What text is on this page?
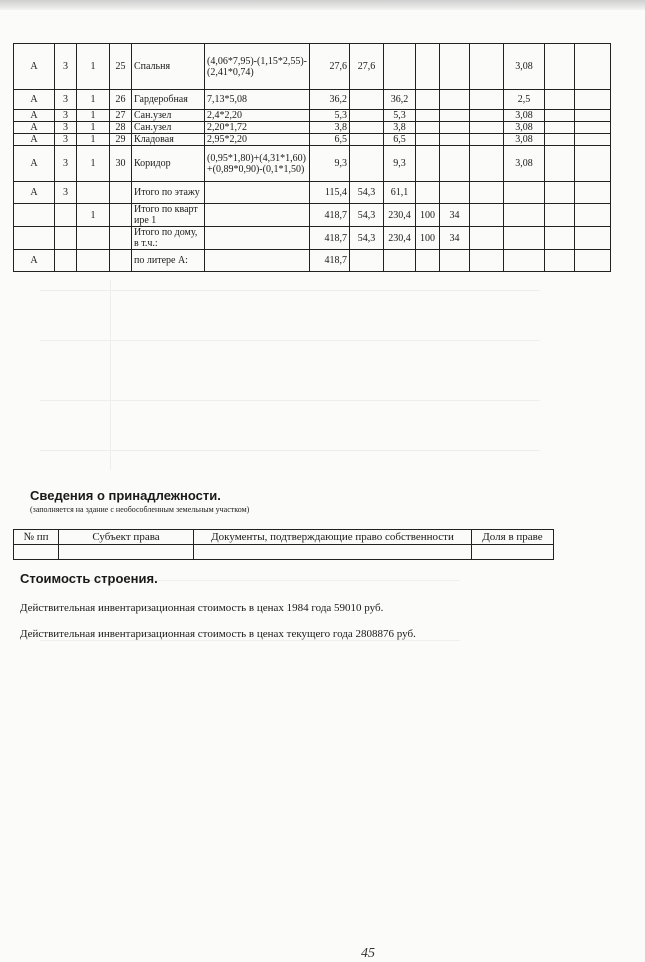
А	3	1	25	Спальня	(4,06*7,95)-(1,15*2,55)-(2,41*0,74)	27,6	27,6					3,08		
А	3	1	26	Гардеробная	7,13*5,08	36,2		36,2				2,5		
А	3	1	27	Сан.узел	2,4*2,20	5,3		5,3				3,08		
А	3	1	28	Сан.узел	2,20*1,72	3,8		3,8				3,08		
А	3	1	29	Кладовая	2,95*2,20	6,5		6,5				3,08		
А	3	1	30	Коридор	(0,95*1,80)+(4,31*1,60)+(0,89*0,90)-(0,1*1,50)	9,3		9,3				3,08		
А	3			Итого по этажу		115,4	54,3	61,1						
		1		Итого по квартире 1		418,7	54,3	230,4	100	34				
				Итого по дому, в т.ч.:		418,7	54,3	230,4	100	34				
А				по литере А:		418,7								
Сведения о принадлежности.
(заполняется на здание с необособленным земельным участком)
№ пп	Субъект права	Документы, подтверждающие право собственности	Доля в праве

Стоимость строения.

Действительная инвентаризационная стоимость в ценах 1984 года 59010 руб.

Действительная инвентаризационная стоимость в ценах текущего года 2808876 руб.

45
